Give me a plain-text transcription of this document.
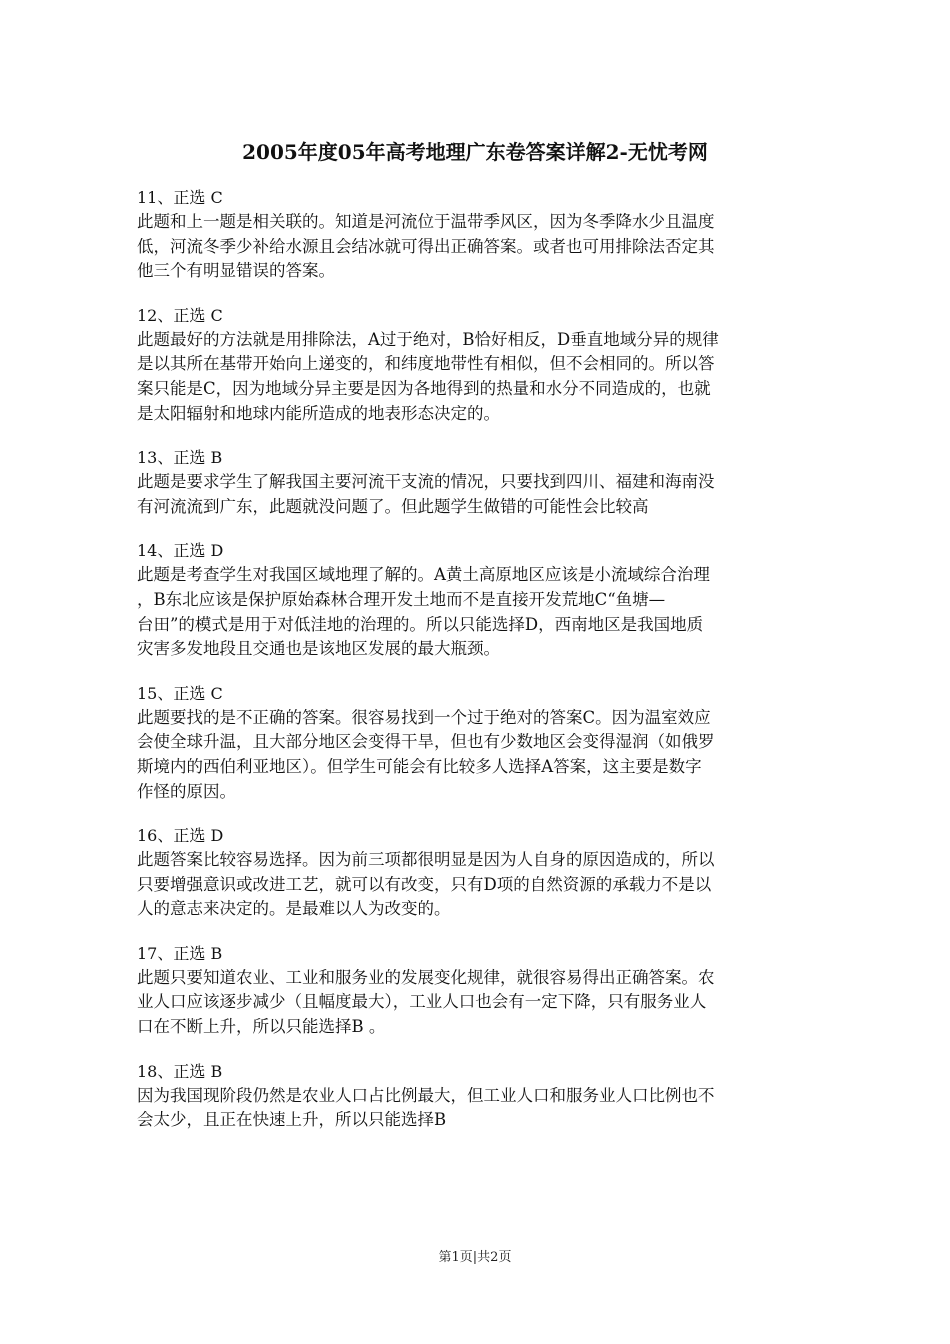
2005年度05年高考地理广东卷答案详解2-无忧考网
11、正选 C
此题和上一题是相关联的。知道是河流位于温带季风区，因为冬季降水少且温度
低，河流冬季少补给水源且会结冰就可得出正确答案。或者也可用排除法否定其
他三个有明显错误的答案。
12、正选 C
此题最好的方法就是用排除法，A过于绝对，B恰好相反，D垂直地域分异的规律
是以其所在基带开始向上递变的，和纬度地带性有相似，但不会相同的。所以答
案只能是C，因为地域分异主要是因为各地得到的热量和水分不同造成的，也就
是太阳辐射和地球内能所造成的地表形态决定的。
13、正选 B
此题是要求学生了解我国主要河流干支流的情况，只要找到四川、福建和海南没
有河流流到广东，此题就没问题了。但此题学生做错的可能性会比较高
14、正选 D
此题是考查学生对我国区域地理了解的。A黄土高原地区应该是小流域综合治理
，B东北应该是保护原始森林合理开发土地而不是直接开发荒地C“鱼塘—
台田”的模式是用于对低洼地的治理的。所以只能选择D，西南地区是我国地质
灾害多发地段且交通也是该地区发展的最大瓶颈。
15、正选 C
此题要找的是不正确的答案。很容易找到一个过于绝对的答案C。因为温室效应
会使全球升温，且大部分地区会变得干旱，但也有少数地区会变得湿润（如俄罗
斯境内的西伯利亚地区）。但学生可能会有比较多人选择A答案，这主要是数字
作怪的原因。
16、正选 D
此题答案比较容易选择。因为前三项都很明显是因为人自身的原因造成的，所以
只要增强意识或改进工艺，就可以有改变，只有D项的自然资源的承载力不是以
人的意志来决定的。是最难以人为改变的。
17、正选 B
此题只要知道农业、工业和服务业的发展变化规律，就很容易得出正确答案。农
业人口应该逐步减少（且幅度最大），工业人口也会有一定下降，只有服务业人
口在不断上升，所以只能选择B 。
18、正选 B
因为我国现阶段仍然是农业人口占比例最大，但工业人口和服务业人口比例也不
会太少，且正在快速上升，所以只能选择B
第1页|共2页
